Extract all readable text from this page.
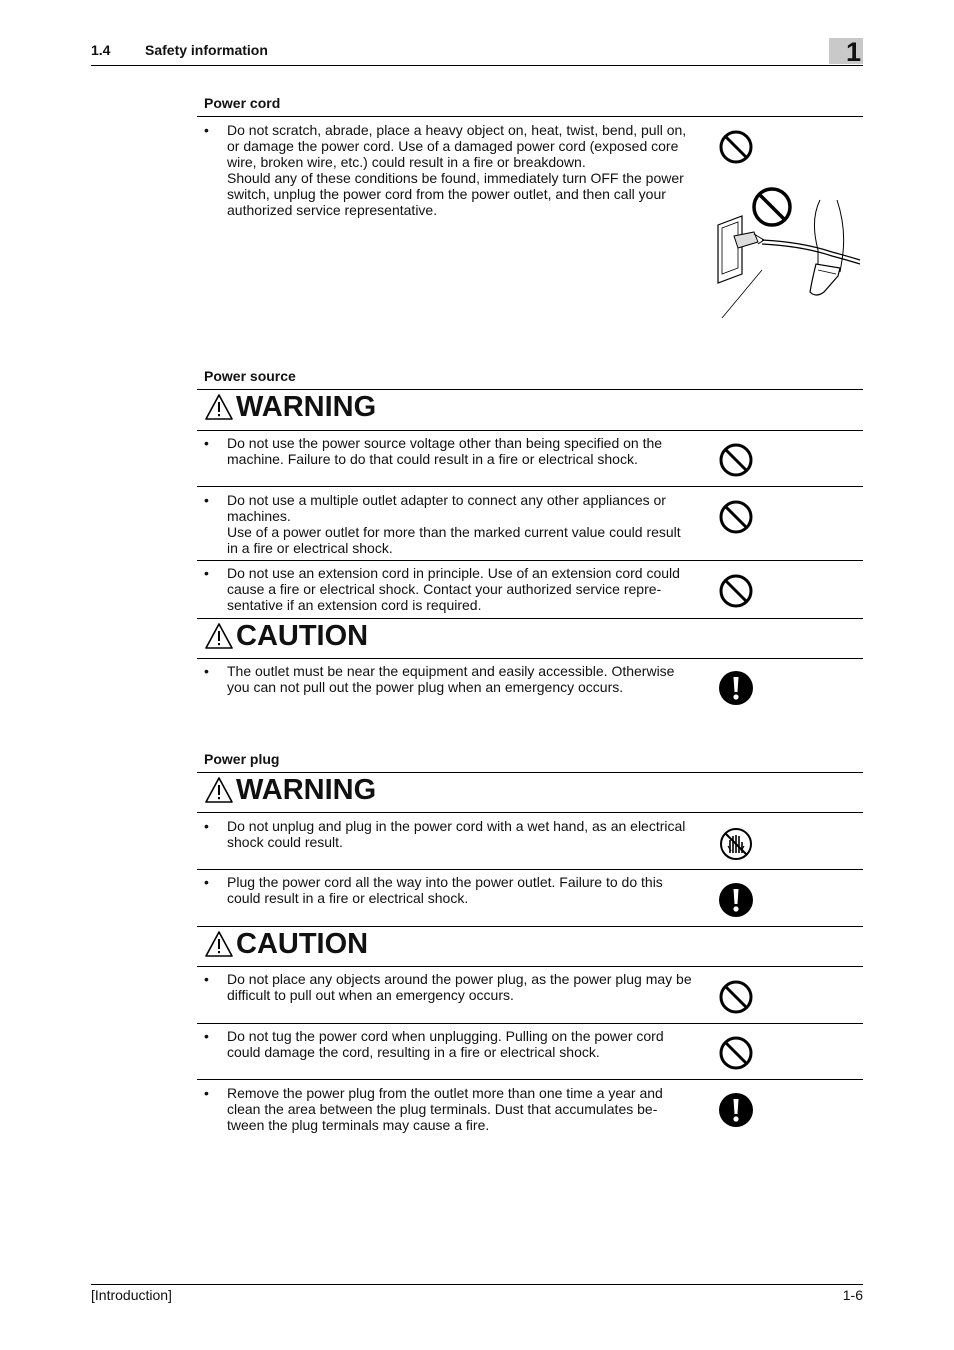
1.4 Safety information	1
Power cord
•	Do not scratch, abrade, place a heavy object on, heat, twist, bend, pull on, or damage the power cord. Use of a damaged power cord (exposed core wire, broken wire, etc.) could result in a fire or breakdown.
Should any of these conditions be found, immediately turn OFF the power switch, unplug the power cord from the power outlet, and then call your authorized service representative.
Power source
WARNING
•	Do not use the power source voltage other than being specified on the machine. Failure to do that could result in a fire or electrical shock.
•	Do not use a multiple outlet adapter to connect any other appliances or machines.
Use of a power outlet for more than the marked current value could result in a fire or electrical shock.
•	Do not use an extension cord in principle. Use of an extension cord could cause a fire or electrical shock. Contact your authorized service repre-sentative if an extension cord is required.
CAUTION
•	The outlet must be near the equipment and easily accessible. Otherwise you can not pull out the power plug when an emergency occurs.
Power plug
WARNING
•	Do not unplug and plug in the power cord with a wet hand, as an electrical shock could result.
•	Plug the power cord all the way into the power outlet. Failure to do this could result in a fire or electrical shock.
CAUTION
•	Do not place any objects around the power plug, as the power plug may be difficult to pull out when an emergency occurs.
•	Do not tug the power cord when unplugging. Pulling on the power cord could damage the cord, resulting in a fire or electrical shock.
•	Remove the power plug from the outlet more than one time a year and clean the area between the plug terminals. Dust that accumulates be-tween the plug terminals may cause a fire.
[Introduction]	1-6
